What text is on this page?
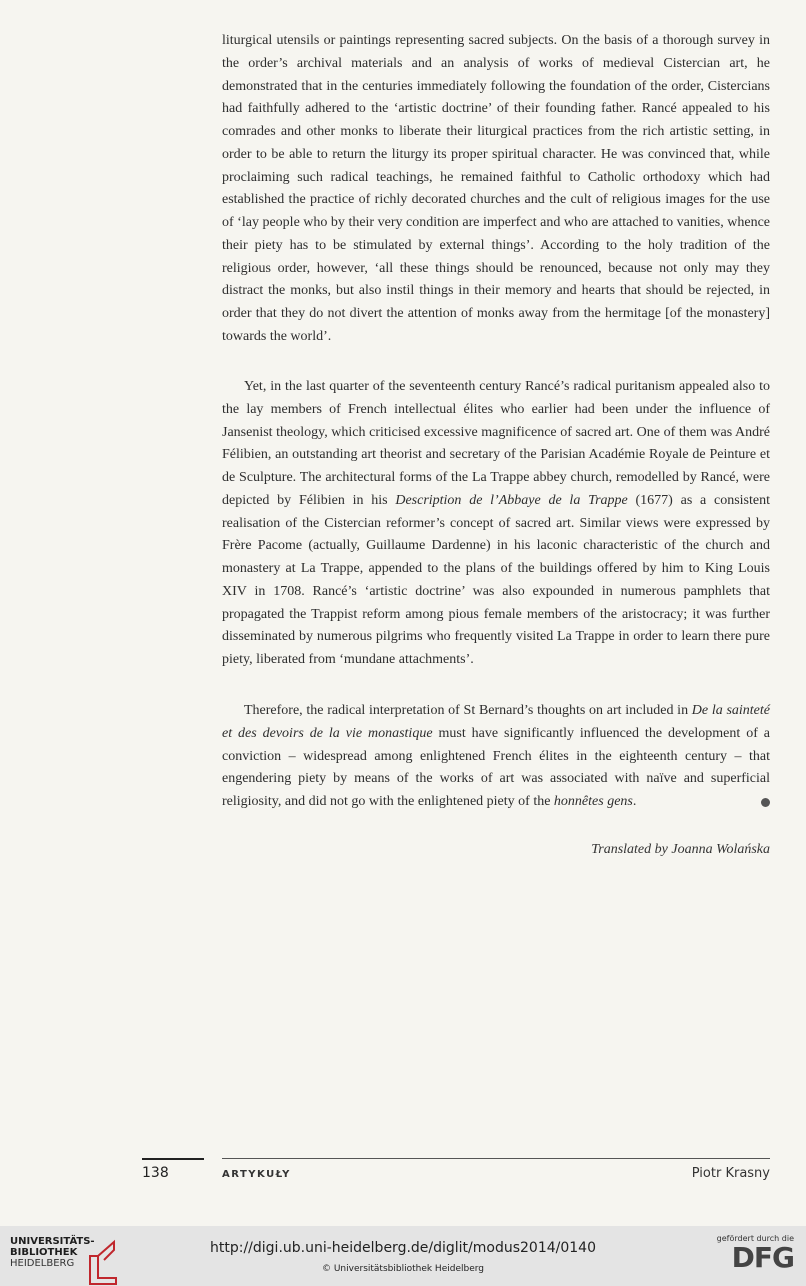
liturgical utensils or paintings representing sacred subjects. On the basis of a thorough survey in the order’s archival materials and an analysis of works of medieval Cistercian art, he demonstrated that in the centuries immediately following the foundation of the order, Cistercians had faithfully adhered to the ‘artistic doctrine’ of their founding father. Rancé appealed to his comrades and other monks to liberate their liturgical practices from the rich artistic setting, in order to be able to return the liturgy its proper spiritual character. He was convinced that, while proclaiming such radical teachings, he remained faithful to Catholic orthodoxy which had established the practice of richly decorated churches and the cult of religious images for the use of ‘lay people who by their very condition are imperfect and who are attached to vanities, whence their piety has to be stimulated by external things’. According to the holy tradition of the religious order, however, ‘all these things should be renounced, because not only may they distract the monks, but also instil things in their memory and hearts that should be rejected, in order that they do not divert the attention of monks away from the hermitage [of the monastery] towards the world’.

Yet, in the last quarter of the seventeenth century Rancé’s radical puritanism appealed also to the lay members of French intellectual élites who earlier had been under the influence of Jansenist theology, which criticised excessive magnificence of sacred art. One of them was André Félibien, an outstanding art theorist and secretary of the Parisian Académie Royale de Peinture et de Sculpture. The architectural forms of the La Trappe abbey church, remodelled by Rancé, were depicted by Félibien in his Description de l’Abbaye de la Trappe (1677) as a consistent realisation of the Cistercian reformer’s concept of sacred art. Similar views were expressed by Frère Pacome (actually, Guillaume Dardenne) in his laconic characteristic of the church and monastery at La Trappe, appended to the plans of the buildings offered by him to King Louis XIV in 1708. Rancé’s ‘artistic doctrine’ was also expounded in numerous pamphlets that propagated the Trappist reform among pious female members of the aristocracy; it was further disseminated by numerous pilgrims who frequently visited La Trappe in order to learn there pure piety, liberated from ‘mundane attachments’.

Therefore, the radical interpretation of St Bernard’s thoughts on art included in De la sainteté et des devoirs de la vie monastique must have significantly influenced the development of a conviction – widespread among enlightened French élites in the eighteenth century – that engendering piety by means of the works of art was associated with naïve and superficial religiosity, and did not go with the enlightened piety of the honnêtes gens.

Translated by Joanna Wolańska
138	ARTYKUŁY	Piotr Krasny
UNIVERSITÄTS-
BIBLIOTHEK
HEIDELBERG
http://digi.ub.uni-heidelberg.de/diglit/modus2014/0140
© Universitätsbibliothek Heidelberg
gefördert durch die
DFG
